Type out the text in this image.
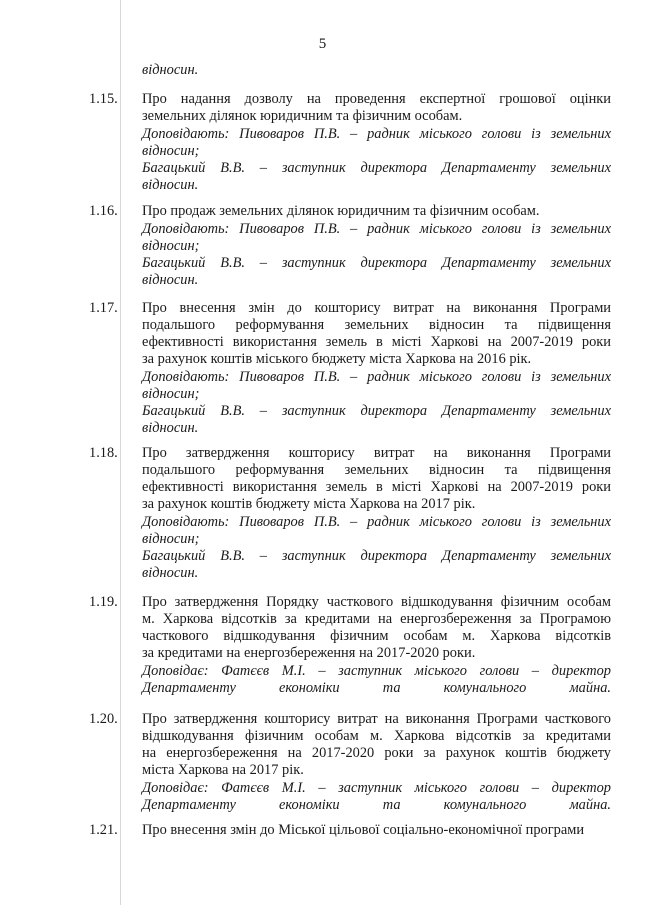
5
відносин.
1.15. Про надання дозволу на проведення експертної грошової оцінки
земельних ділянок юридичним та фізичним особам.
Доповідають: Пивоваров П.В. – радник міського голови із земельних
відносин;
Багацький В.В. – заступник директора Департаменту земельних
відносин.
1.16. Про продаж земельних ділянок юридичним та фізичним особам.
Доповідають: Пивоваров П.В. – радник міського голови із земельних
відносин;
Багацький В.В. – заступник директора Департаменту земельних
відносин.
1.17. Про внесення змін до кошторису витрат на виконання Програми
подальшого реформування земельних відносин та підвищення
ефективності використання земель в місті Харкові на 2007-2019 роки
за рахунок коштів міського бюджету міста Харкова на 2016 рік.
Доповідають: Пивоваров П.В. – радник міського голови із земельних
відносин;
Багацький В.В. – заступник директора Департаменту земельних
відносин.
1.18. Про затвердження кошторису витрат на виконання Програми
подальшого реформування земельних відносин та підвищення
ефективності використання земель в місті Харкові на 2007-2019 роки
за рахунок коштів бюджету міста Харкова на 2017 рік.
Доповідають: Пивоваров П.В. – радник міського голови із земельних
відносин;
Багацький В.В. – заступник директора Департаменту земельних
відносин.
1.19. Про затвердження Порядку часткового відшкодування фізичним особам
м. Харкова відсотків за кредитами на енергозбереження за Програмою
часткового відшкодування фізичним особам м. Харкова відсотків
за кредитами на енергозбереження на 2017-2020 роки.
Доповідає: Фатєєв М.І. – заступник міського голови – директор
Департаменту економіки та комунального майна.
1.20. Про затвердження кошторису витрат на виконання Програми часткового
відшкодування фізичним особам м. Харкова відсотків за кредитами
на енергозбереження на 2017-2020 роки за рахунок коштів бюджету
міста Харкова на 2017 рік.
Доповідає: Фатєєв М.І. – заступник міського голови – директор
Департаменту економіки та комунального майна.
1.21. Про внесення змін до Міської цільової соціально-економічної програми
